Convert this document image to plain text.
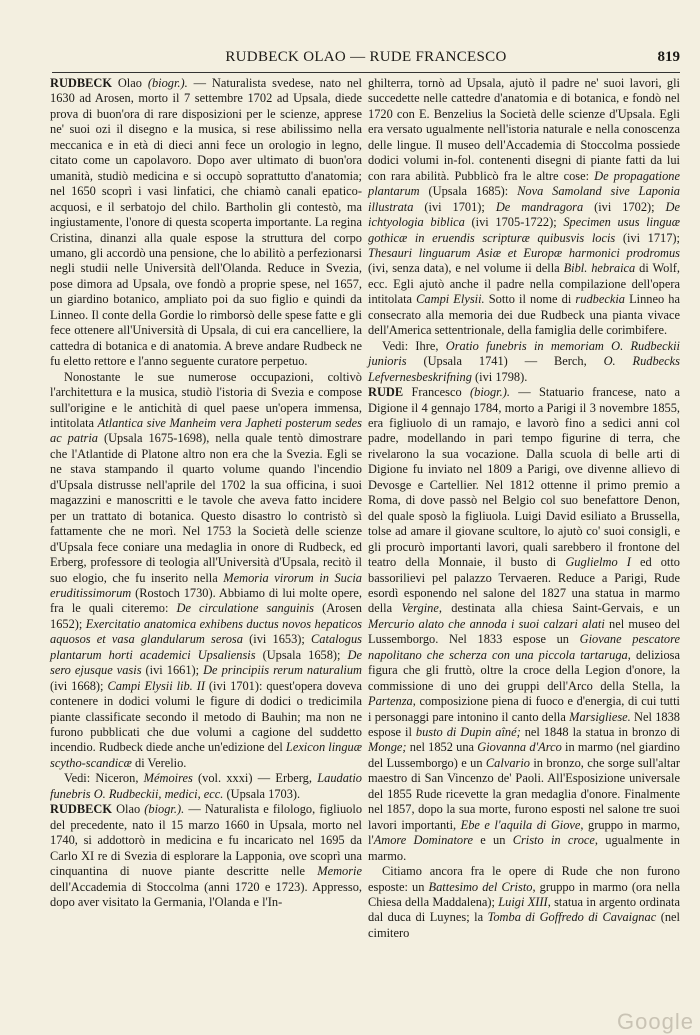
RUDBECK OLAO — RUDE FRANCESCO	819

RUDBECK Olao (biogr.). — Naturalista svedese, nato nel 1630 ad Arosen, morto il 7 settembre 1702 ad Upsala, diede prova di buon'ora di rare disposizioni per le scienze, apprese ne' suoi ozi il disegno e la musica, si rese abilissimo nella meccanica e in età di dieci anni fece un orologio in legno, citato come un capolavoro. Dopo aver ultimato di buon'ora umanità, studiò medicina e si occupò soprattutto d'anatomia; nel 1650 scoprì i vasi linfatici, che chiamò canali epatico-acquosi, e il serbatojo del chilo. Bartholin gli contestò, ma ingiustamente, l'onore di questa scoperta importante. La regina Cristina, dinanzi alla quale espose la struttura del corpo umano, gli accordò una pensione, che lo abilitò a perfezionarsi negli studii nelle Università dell'Olanda. Reduce in Svezia, pose dimora ad Upsala, ove fondò a proprie spese, nel 1657, un giardino botanico, ampliato poi da suo figlio e quindi da Linneo. Il conte della Gordie lo rimborsò delle spese fatte e gli fece ottenere all'Università di Upsala, di cui era cancelliere, la cattedra di botanica e di anatomia. A breve andare Rudbeck ne fu eletto rettore e l'anno seguente curatore perpetuo.

Nonostante le sue numerose occupazioni, coltivò l'architettura e la musica, studiò l'istoria di Svezia e compose sull'origine e le antichità di quel paese un'opera immensa, intitolata Atlantica sive Manheim vera Japheti posterum sedes ac patria (Upsala 1675-1698), nella quale tentò dimostrare che l'Atlantide di Platone altro non era che la Svezia. Egli se ne stava stampando il quarto volume quando l'incendio d'Upsala distrusse nell'aprile del 1702 la sua officina, i suoi magazzini e manoscritti e le tavole che aveva fatto incidere per un trattato di botanica. Questo disastro lo contristò sì fattamente che ne morì. Nel 1753 la Società delle scienze d'Upsala fece coniare una medaglia in onore di Rudbeck, ed Erberg, professore di teologia all'Università d'Upsala, recitò il suo elogio, che fu inserito nella Memoria virorum in Sucia eruditissimorum (Rostoch 1730). Abbiamo di lui molte opere, fra le quali citeremo: De circulatione sanguinis (Arosen 1652); Exercitatio anatomica exhibens ductus novos hepaticos aquosos et vasa glandularum serosa (ivi 1653); Catalogus plantarum horti academici Upsaliensis (Upsala 1658); De sero ejusque vasis (ivi 1661); De principiis rerum naturalium (ivi 1668); Campi Elysii lib. II (ivi 1701): quest'opera doveva contenere in dodici volumi le figure di dodici o tredicimila piante classificate secondo il metodo di Bauhin; ma non ne furono pubblicati che due volumi a cagione del suddetto incendio. Rudbeck diede anche un'edizione del Lexicon linguæ scytho-scandicæ di Verelio.

Vedi: Niceron, Mémoires (vol. xxxi) — Erberg, Laudatio funebris O. Rudbeckii, medici, ecc. (Upsala 1703).

RUDBECK Olao (biogr.). — Naturalista e filologo, figliuolo del precedente, nato il 15 marzo 1660 in Upsala, morto nel 1740, si addottorò in medicina e fu incaricato nel 1695 da Carlo XI re di Svezia di esplorare la Lapponia, ove scoprì una cinquantina di nuove piante descritte nelle Memorie dell'Accademia di Stoccolma (anni 1720 e 1723). Appresso, dopo aver visitato la Germania, l'Olanda e l'In-

ghilterra, tornò ad Upsala, ajutò il padre ne' suoi lavori, gli succedette nelle cattedre d'anatomia e di botanica, e fondò nel 1720 con E. Benzelius la Società delle scienze d'Upsala. Egli era versato ugualmente nell'istoria naturale e nella conoscenza delle lingue. Il museo dell'Accademia di Stoccolma possiede dodici volumi in-fol. contenenti disegni di piante fatti da lui con rara abilità. Pubblicò fra le altre cose: De propagatione plantarum (Upsala 1685): Nova Samoland sive Laponia illustrata (ivi 1701); De mandragora (ivi 1702); De ichtyologia biblica (ivi 1705-1722); Specimen usus linguæ gothicæ in eruendis scripturæ quibusvis locis (ivi 1717); Thesauri linguarum Asiæ et Europæ harmonici prodromus (ivi, senza data), e nel volume ii della Bibl. hebraica di Wolf, ecc. Egli ajutò anche il padre nella compilazione dell'opera intitolata Campi Elysii. Sotto il nome di rudbeckia Linneo ha consecrato alla memoria dei due Rudbeck una pianta vivace dell'America settentrionale, della famiglia delle corimbifere.

Vedi: Ihre, Oratio funebris in memoriam O. Rudbeckii junioris (Upsala 1741) — Berch, O. Rudbecks Lefvernesbeskrifning (ivi 1798).

RUDE Francesco (biogr.). — Statuario francese, nato a Digione il 4 gennajo 1784, morto a Parigi il 3 novembre 1855, era figliuolo di un ramajo, e lavorò fino a sedici anni col padre, modellando in pari tempo figurine di terra, che rivelarono la sua vocazione. Dalla scuola di belle arti di Digione fu inviato nel 1809 a Parigi, ove divenne allievo di Devosge e Cartellier. Nel 1812 ottenne il primo premio a Roma, di dove passò nel Belgio col suo benefattore Denon, del quale sposò la figliuola. Luigi David esiliato a Brussella, tolse ad amare il giovane scultore, lo ajutò co' suoi consigli, e gli procurò importanti lavori, quali sarebbero il frontone del teatro della Monnaie, il busto di Guglielmo I ed otto bassorilievi pel palazzo Tervaeren. Reduce a Parigi, Rude esordì esponendo nel salone del 1827 una statua in marmo della Vergine, destinata alla chiesa Saint-Gervais, e un Mercurio alato che annoda i suoi calzari alati nel museo del Lussemborgo. Nel 1833 espose un Giovane pescatore napolitano che scherza con una piccola tartaruga, deliziosa figura che gli fruttò, oltre la croce della Legion d'onore, la commissione di uno dei gruppi dell'Arco della Stella, la Partenza, composizione piena di fuoco e d'energia, di cui tutti i personaggi pare intonino il canto della Marsigliese. Nel 1838 espose il busto di Dupin aîné; nel 1848 la statua in bronzo di Monge; nel 1852 una Giovanna d'Arco in marmo (nel giardino del Lussemborgo) e un Calvario in bronzo, che sorge sull'altar maestro di San Vincenzo de' Paoli. All'Esposizione universale del 1855 Rude ricevette la gran medaglia d'onore. Finalmente nel 1857, dopo la sua morte, furono esposti nel salone tre suoi lavori importanti, Ebe e l'aquila di Giove, gruppo in marmo, l'Amore Dominatore e un Cristo in croce, ugualmente in marmo.

Citiamo ancora fra le opere di Rude che non furono esposte: un Battesimo del Cristo, gruppo in marmo (ora nella Chiesa della Maddalena); Luigi XIII, statua in argento ordinata dal duca di Luynes; la Tomba di Goffredo di Cavaignac (nel cimitero

Google
